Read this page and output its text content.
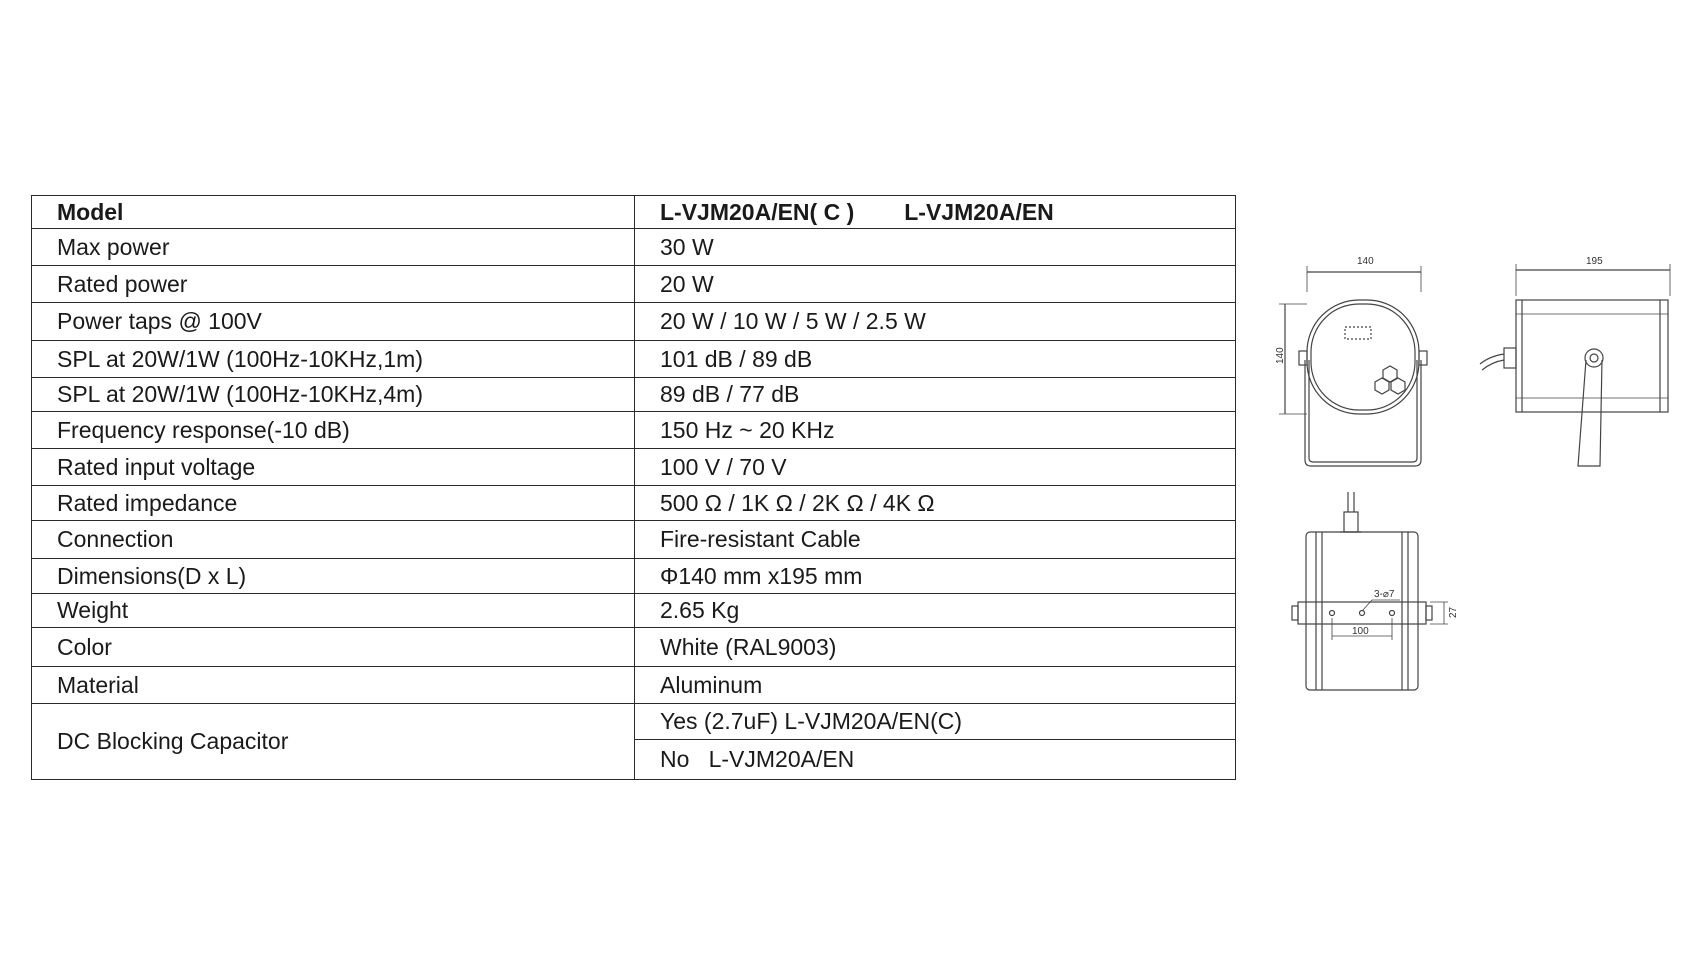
Model	L-VJM20A/EN( C ) L-VJM20A/EN
Max power	30 W
Rated power	20 W
Power taps @ 100V	20 W / 10 W / 5 W / 2.5 W
SPL at 20W/1W (100Hz-10KHz,1m)	101 dB / 89 dB
SPL at 20W/1W (100Hz-10KHz,4m)	89 dB / 77 dB
Frequency response(-10 dB)	150 Hz ~ 20 KHz
Rated input voltage	100 V / 70 V
Rated impedance	500 Ω / 1K Ω / 2K Ω / 4K Ω
Connection	Fire-resistant Cable
Dimensions(D x L)	Φ140 mm x195 mm
Weight	2.65 Kg
Color	White (RAL9003)
Material	Aluminum
DC Blocking Capacitor	Yes (2.7uF) L-VJM20A/EN(C)
	No   L-VJM20A/EN
140
140
195
3-⌀7
100
27
